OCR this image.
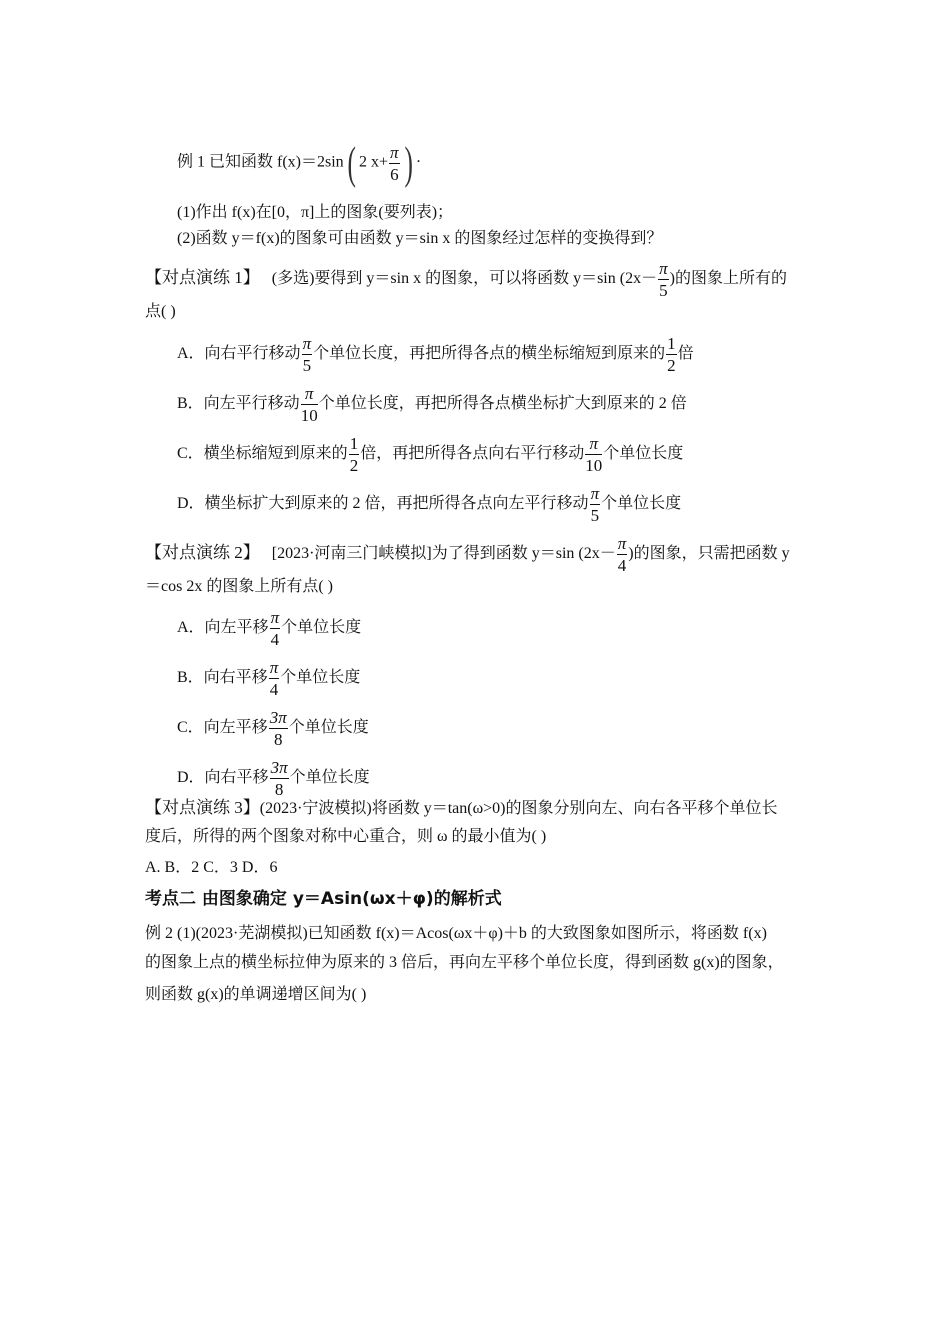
例 1 已知函数 f(x)＝2sin( 2 $x+ \frac{\pi}{6}$ ) ·
(1)作出 f(x)在[0，π]上的图象(要列表)；
(2)函数 y＝f(x)的图象可由函数 y＝sin x 的图象经过怎样的变换得到？
【对点演练 1】 (多选)要得到 y＝sin x 的图象，可以将函数 y＝sin ($2x- \frac{\pi}{5}$ )的图象上所有的
点( )
A．向右平行移动 $\frac{\pi}{5}$ 个单位长度，再把所得各点的横坐标缩短到原来的 $\frac{1}{2}$ 倍
B．向左平行移动 $\frac{\pi}{10}$ 个单位长度，再把所得各点横坐标扩大到原来的 2 倍
C．横坐标缩短到原来的 $\frac{1}{2}$ 倍，再把所得各点向右平行移动 $\frac{\pi}{10}$ 个单位长度
D．横坐标扩大到原来的 2 倍，再把所得各点向左平行移动 $\frac{\pi}{5}$ 个单位长度
【对点演练 2】 [2023·河南三门峡模拟]为了得到函数 y＝sin ($2x- \frac{\pi}{4}$ )的图象，只需把函数 y
＝cos 2x 的图象上所有点( )
A．向左平移 $\frac{\pi}{4}$ 个单位长度
B．向右平移 $\frac{\pi}{4}$ 个单位长度
C．向左平移 $\frac{3\pi}{8}$ 个单位长度
D．向右平移 $\frac{3\pi}{8}$ 个单位长度
【对点演练 3】(2023·宁波模拟)将函数 y＝tan(ω>0)的图象分别向左、向右各平移个单位长
度后，所得的两个图象对称中心重合，则 ω 的最小值为( )
A. B．2 C．3 D．6
考点二 由图象确定 y＝Asin(ωx＋φ)的解析式
例 2 (1)(2023·芜湖模拟)已知函数 f(x)＝Acos(ωx＋φ)＋b 的大致图象如图所示，将函数 f(x)
的图象上点的横坐标拉伸为原来的 3 倍后，再向左平移个单位长度，得到函数 g(x)的图象，
则函数 g(x)的单调递增区间为( )
